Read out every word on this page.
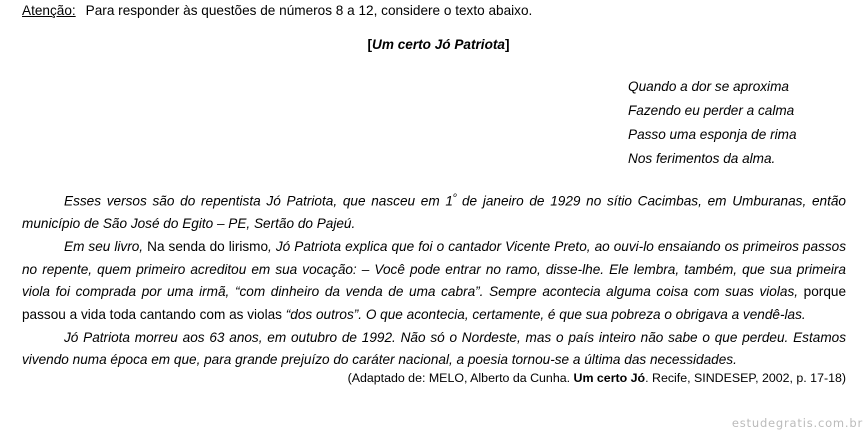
Atenção: Para responder às questões de números 8 a 12, considere o texto abaixo.
[Um certo Jó Patriota]
Quando a dor se aproxima
Fazendo eu perder a calma
Passo uma esponja de rima
Nos ferimentos da alma.

Esses versos são do repentista Jó Patriota, que nasceu em $1^º$ de janeiro de 1929 no sítio Cacimbas, em Umburanas, então município de São José do Egito – PE, Sertão do Pajeú.

Em seu livro, Na senda do lirismo, Jó Patriota explica que foi o cantador Vicente Preto, ao ouvi-lo ensaiando os primeiros passos no repente, quem primeiro acreditou em sua vocação: – Você pode entrar no ramo, disse-lhe. Ele lembra, também, que sua primeira viola foi comprada por uma irmã, “com dinheiro da venda de uma cabra”. Sempre acontecia alguma coisa com suas violas, porque passou a vida toda cantando com as violas “dos outros”. O que acontecia, certamente, é que sua pobreza o obrigava a vendê-las.

Jó Patriota morreu aos 63 anos, em outubro de 1992. Não só o Nordeste, mas o país inteiro não sabe o que perdeu. Estamos vivendo numa época em que, para grande prejuízo do caráter nacional, a poesia tornou-se a última das necessidades.

(Adaptado de: MELO, Alberto da Cunha. Um certo Jó. Recife, SINDESEP, 2002, p. 17-18)
estudegratis.com.br
